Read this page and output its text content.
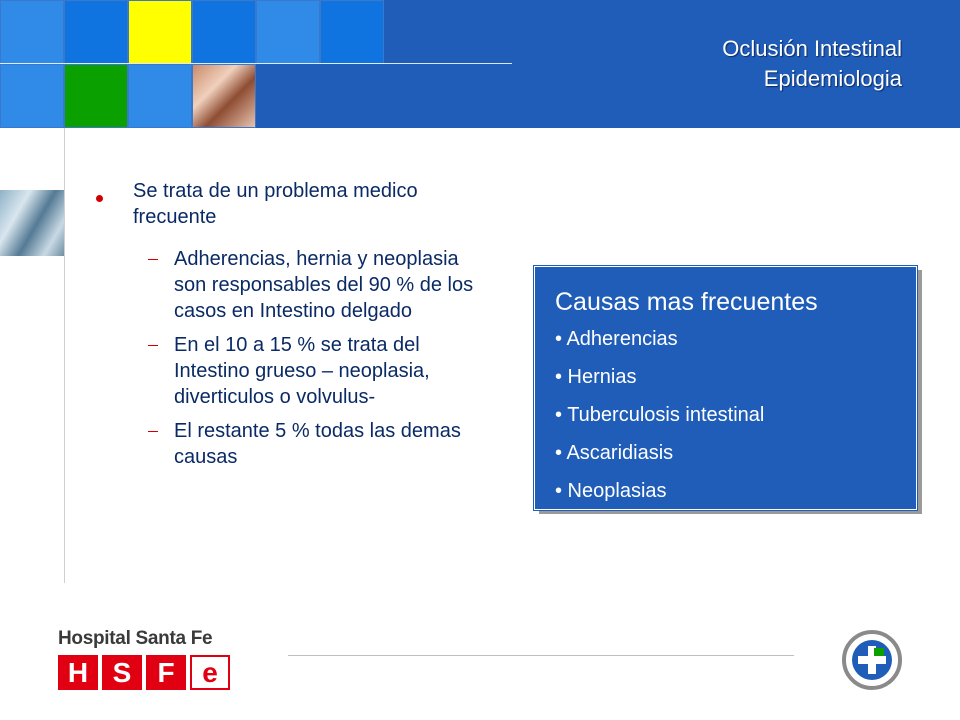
Oclusión Intestinal
Epidemiologia
Se trata de un problema medico frecuente
Adherencias, hernia y neoplasia son responsables del 90 % de los casos en Intestino delgado
En el 10 a 15 % se trata del Intestino grueso – neoplasia, diverticulos o volvulus-
El restante 5 % todas las demas causas
Causas mas frecuentes
• Adherencias
• Hernias
• Tuberculosis intestinal
• Ascaridiasis
• Neoplasias
Hospital Santa Fe
H S F e
